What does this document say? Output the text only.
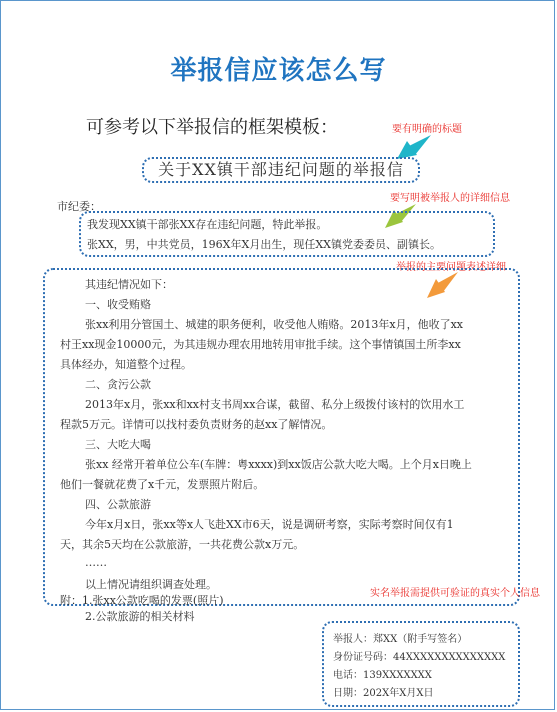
举报信应该怎么写
可参考以下举报信的框架模板：	要有明确的标题
关于XX镇干部违纪问题的举报信
要写明被举报人的详细信息
市纪委：
我发现XX镇干部张XX存在违纪问题，特此举报。
张XX，男，中共党员，196X年X月出生，现任XX镇党委委员、副镇长。
举报的主要问题表述详细
其违纪情况如下：
一、收受贿赂
张xx利用分管国土、城建的职务便利，收受他人贿赂。2013年x月，他收了xx
村王xx现金10000元，为其违规办理农用地转用审批手续。这个事情镇国土所李xx
具体经办，知道整个过程。
二、贪污公款
2013年x月，张xx和xx村支书周xx合谋，截留、私分上级拨付该村的饮用水工
程款5万元。详情可以找村委负责财务的赵xx了解情况。
三、大吃大喝
张xx 经常开着单位公车(车牌：粤xxxx)到xx饭店公款大吃大喝。上个月x日晚上
他们一餐就花费了x千元，发票照片附后。
四、公款旅游
今年x月x日，张xx等x人飞赴XX市6天，说是调研考察，实际考察时间仅有1
天，其余5天均在公款旅游，一共花费公款x万元。
……
以上情况请组织调查处理。
附：1.张xx公款吃喝的发票(照片)
2.公款旅游的相关材料
实名举报需提供可验证的真实个人信息
举报人：郑XX（附手写签名）
身份证号码：44XXXXXXXXXXXXXX
电话：139XXXXXXX
日期：202X年X月X日
